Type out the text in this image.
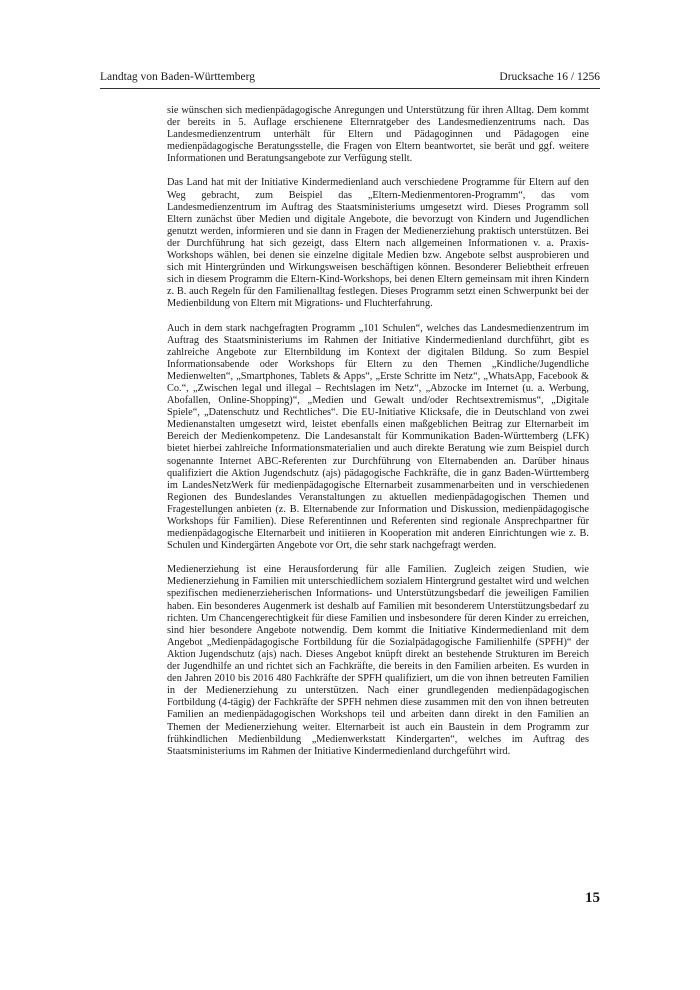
Landtag von Baden-Württemberg	Drucksache 16 / 1256

sie wünschen sich medienpädagogische Anregungen und Unterstützung für ihren Alltag. Dem kommt der bereits in 5. Auflage erschienene Elternratgeber des Landesmedienzentrums nach. Das Landesmedienzentrum unterhält für Eltern und Pädagoginnen und Pädagogen eine medienpädagogische Beratungsstelle, die Fragen von Eltern beantwortet, sie berät und ggf. weitere Informationen und Beratungsangebote zur Verfügung stellt.

Das Land hat mit der Initiative Kindermedienland auch verschiedene Programme für Eltern auf den Weg gebracht, zum Beispiel das „Eltern-Medienmentoren-Programm“, das vom Landesmedienzentrum im Auftrag des Staatsministeriums umgesetzt wird. Dieses Programm soll Eltern zunächst über Medien und digitale Angebote, die bevorzugt von Kindern und Jugendlichen genutzt werden, informieren und sie dann in Fragen der Medienerziehung praktisch unterstützen. Bei der Durchführung hat sich gezeigt, dass Eltern nach allgemeinen Informationen v. a. Praxis-Workshops wählen, bei denen sie einzelne digitale Medien bzw. Angebote selbst ausprobieren und sich mit Hintergründen und Wirkungsweisen beschäftigen können. Besonderer Beliebtheit erfreuen sich in diesem Programm die Eltern-Kind-Workshops, bei denen Eltern gemeinsam mit ihren Kindern z. B. auch Regeln für den Familienalltag festlegen. Dieses Programm setzt einen Schwerpunkt bei der Medienbildung von Eltern mit Migrations- und Fluchterfahrung.

Auch in dem stark nachgefragten Programm „101 Schulen“, welches das Landesmedienzentrum im Auftrag des Staatsministeriums im Rahmen der Initiative Kindermedienland durchführt, gibt es zahlreiche Angebote zur Elternbildung im Kontext der digitalen Bildung. So zum Bespiel Informationsabende oder Workshops für Eltern zu den Themen „Kindliche/Jugendliche Medienwelten“, „Smartphones, Tablets & Apps“, „Erste Schritte im Netz“, „WhatsApp, Facebook & Co.“, „Zwischen legal und illegal – Rechtslagen im Netz“, „Abzocke im Internet (u. a. Werbung, Abofallen, Online-Shopping)“, „Medien und Gewalt und/oder Rechtsextremismus“, „Digitale Spiele“, „Datenschutz und Rechtliches“. Die EU-Initiative Klicksafe, die in Deutschland von zwei Medienanstalten umgesetzt wird, leistet ebenfalls einen maßgeblichen Beitrag zur Elternarbeit im Bereich der Medienkompetenz. Die Landesanstalt für Kommunikation Baden-Württemberg (LFK) bietet hierbei zahlreiche Informationsmaterialien und auch direkte Beratung wie zum Beispiel durch sogenannte Internet ABC-Referenten zur Durchführung von Elternabenden an. Darüber hinaus qualifiziert die Aktion Jugendschutz (ajs) pädagogische Fachkräfte, die in ganz Baden-Württemberg im LandesNetzWerk für medienpädagogische Elternarbeit zusammenarbeiten und in verschiedenen Regionen des Bundeslandes Veranstaltungen zu aktuellen medienpädagogischen Themen und Fragestellungen anbieten (z. B. Elternabende zur Information und Diskussion, medienpädagogische Workshops für Familien). Diese Referentinnen und Referenten sind regionale Ansprechpartner für medienpädagogische Elternarbeit und initiieren in Kooperation mit anderen Einrichtungen wie z. B. Schulen und Kindergärten Angebote vor Ort, die sehr stark nachgefragt werden.

Medienerziehung ist eine Herausforderung für alle Familien. Zugleich zeigen Studien, wie Medienerziehung in Familien mit unterschiedlichem sozialem Hintergrund gestaltet wird und welchen spezifischen medienerzieherischen Informations- und Unterstützungsbedarf die jeweiligen Familien haben. Ein besonderes Augenmerk ist deshalb auf Familien mit besonderem Unterstützungsbedarf zu richten. Um Chancengerechtigkeit für diese Familien und insbesondere für deren Kinder zu erreichen, sind hier besondere Angebote notwendig. Dem kommt die Initiative Kindermedienland mit dem Angebot „Medienpädagogische Fortbildung für die Sozialpädagogische Familienhilfe (SPFH)“ der Aktion Jugendschutz (ajs) nach. Dieses Angebot knüpft direkt an bestehende Strukturen im Bereich der Jugendhilfe an und richtet sich an Fachkräfte, die bereits in den Familien arbeiten. Es wurden in den Jahren 2010 bis 2016 480 Fachkräfte der SPFH qualifiziert, um die von ihnen betreuten Familien in der Medienerziehung zu unterstützen. Nach einer grundlegenden medienpädagogischen Fortbildung (4-tägig) der Fachkräfte der SPFH nehmen diese zusammen mit den von ihnen betreuten Familien an medienpädagogischen Workshops teil und arbeiten dann direkt in den Familien an Themen der Medienerziehung weiter. Elternarbeit ist auch ein Baustein in dem Programm zur frühkindlichen Medienbildung „Medienwerkstatt Kindergarten“, welches im Auftrag des Staatsministeriums im Rahmen der Initiative Kindermedienland durchgeführt wird.

15
